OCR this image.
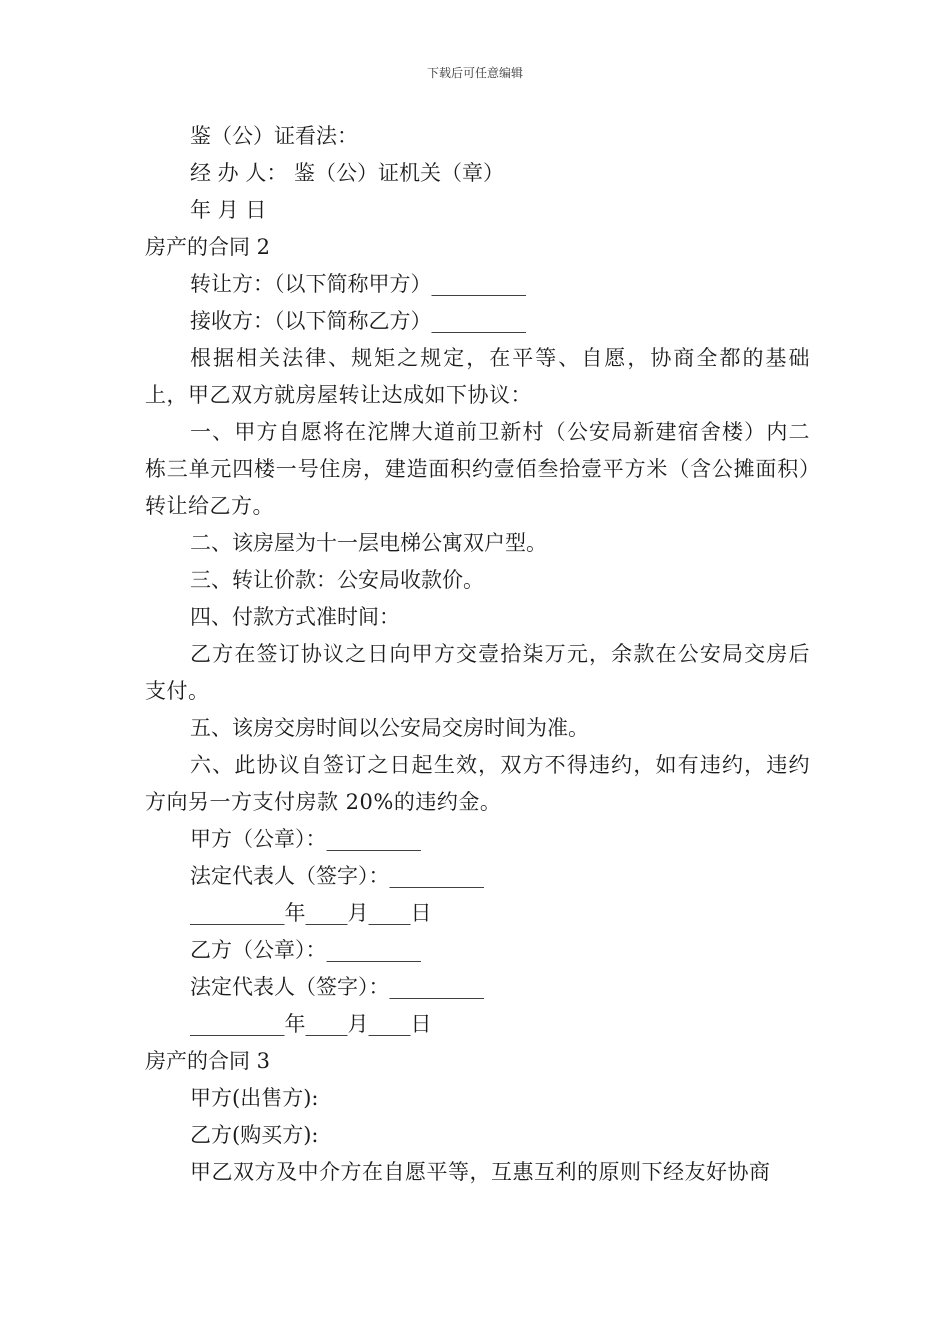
下载后可任意编辑
鉴（公）证看法：
经 办 人： 鉴（公）证机关（章）
年 月 日
房产的合同 2
转让方：（以下简称甲方）_________
接收方：（以下简称乙方）_________
根据相关法律、规矩之规定，在平等、自愿，协商全都的基础上，甲乙双方就房屋转让达成如下协议：
一、甲方自愿将在沱牌大道前卫新村（公安局新建宿舍楼）内二栋三单元四楼一号住房，建造面积约壹佰叁拾壹平方米（含公摊面积）转让给乙方。
二、该房屋为十一层电梯公寓双户型。
三、转让价款：公安局收款价。
四、付款方式准时间：
乙方在签订协议之日向甲方交壹拾柒万元，余款在公安局交房后支付。
五、该房交房时间以公安局交房时间为准。
六、此协议自签订之日起生效，双方不得违约，如有违约，违约方向另一方支付房款 20%的违约金。
甲方（公章）：_________
法定代表人（签字）：_________
_________年____月____日
乙方（公章）：_________
法定代表人（签字）：_________
_________年____月____日
房产的合同 3
甲方(出售方):
乙方(购买方):
甲乙双方及中介方在自愿平等，互惠互利的原则下经友好协商
